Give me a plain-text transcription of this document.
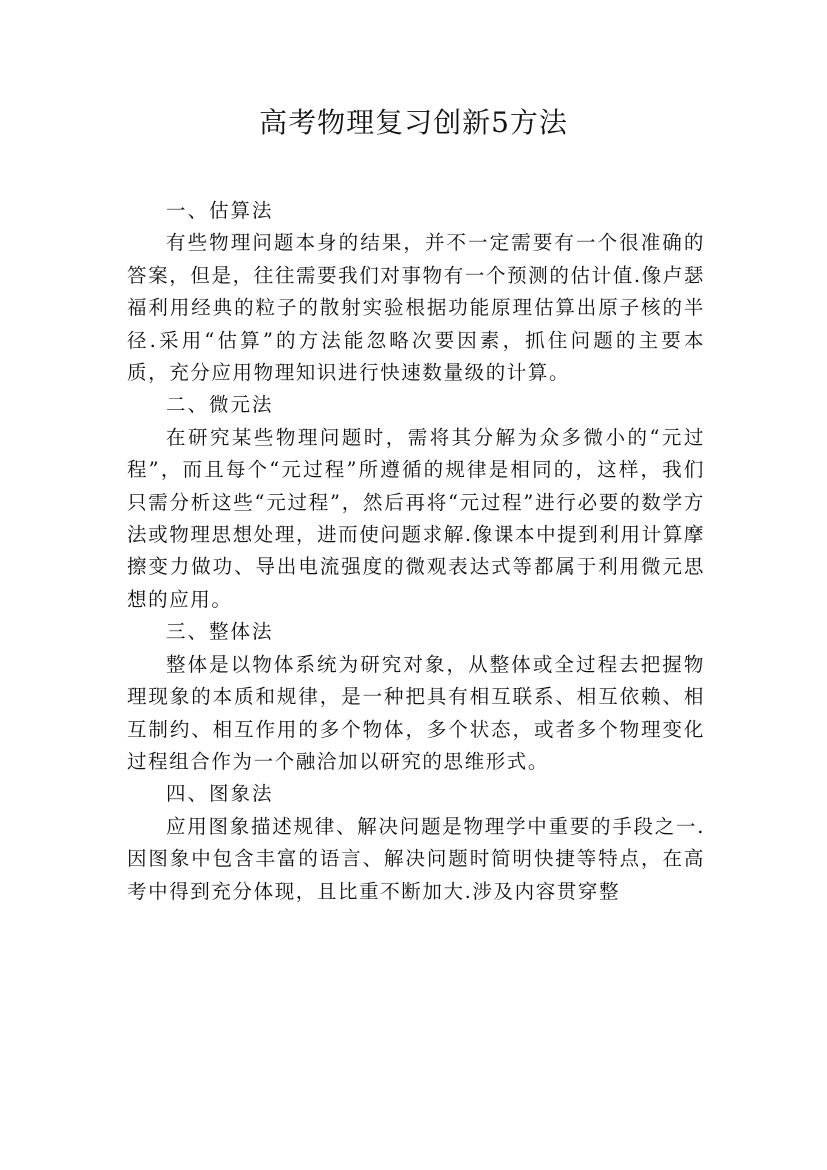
高考物理复习创新5方法
一、估算法

有些物理问题本身的结果，并不一定需要有一个很准确的答案，但是，往往需要我们对事物有一个预测的估计值.像卢瑟福利用经典的粒子的散射实验根据功能原理估算出原子核的半径.采用“估算”的方法能忽略次要因素，抓住问题的主要本质，充分应用物理知识进行快速数量级的计算。

二、微元法

在研究某些物理问题时，需将其分解为众多微小的“元过程”，而且每个“元过程”所遵循的规律是相同的，这样，我们只需分析这些“元过程”，然后再将“元过程”进行必要的数学方法或物理思想处理，进而使问题求解.像课本中提到利用计算摩擦变力做功、导出电流强度的微观表达式等都属于利用微元思想的应用。

三、整体法

整体是以物体系统为研究对象，从整体或全过程去把握物理现象的本质和规律，是一种把具有相互联系、相互依赖、相互制约、相互作用的多个物体，多个状态，或者多个物理变化过程组合作为一个融洽加以研究的思维形式。

四、图象法

应用图象描述规律、解决问题是物理学中重要的手段之一.因图象中包含丰富的语言、解决问题时简明快捷等特点，在高考中得到充分体现，且比重不断加大.涉及内容贯穿整
